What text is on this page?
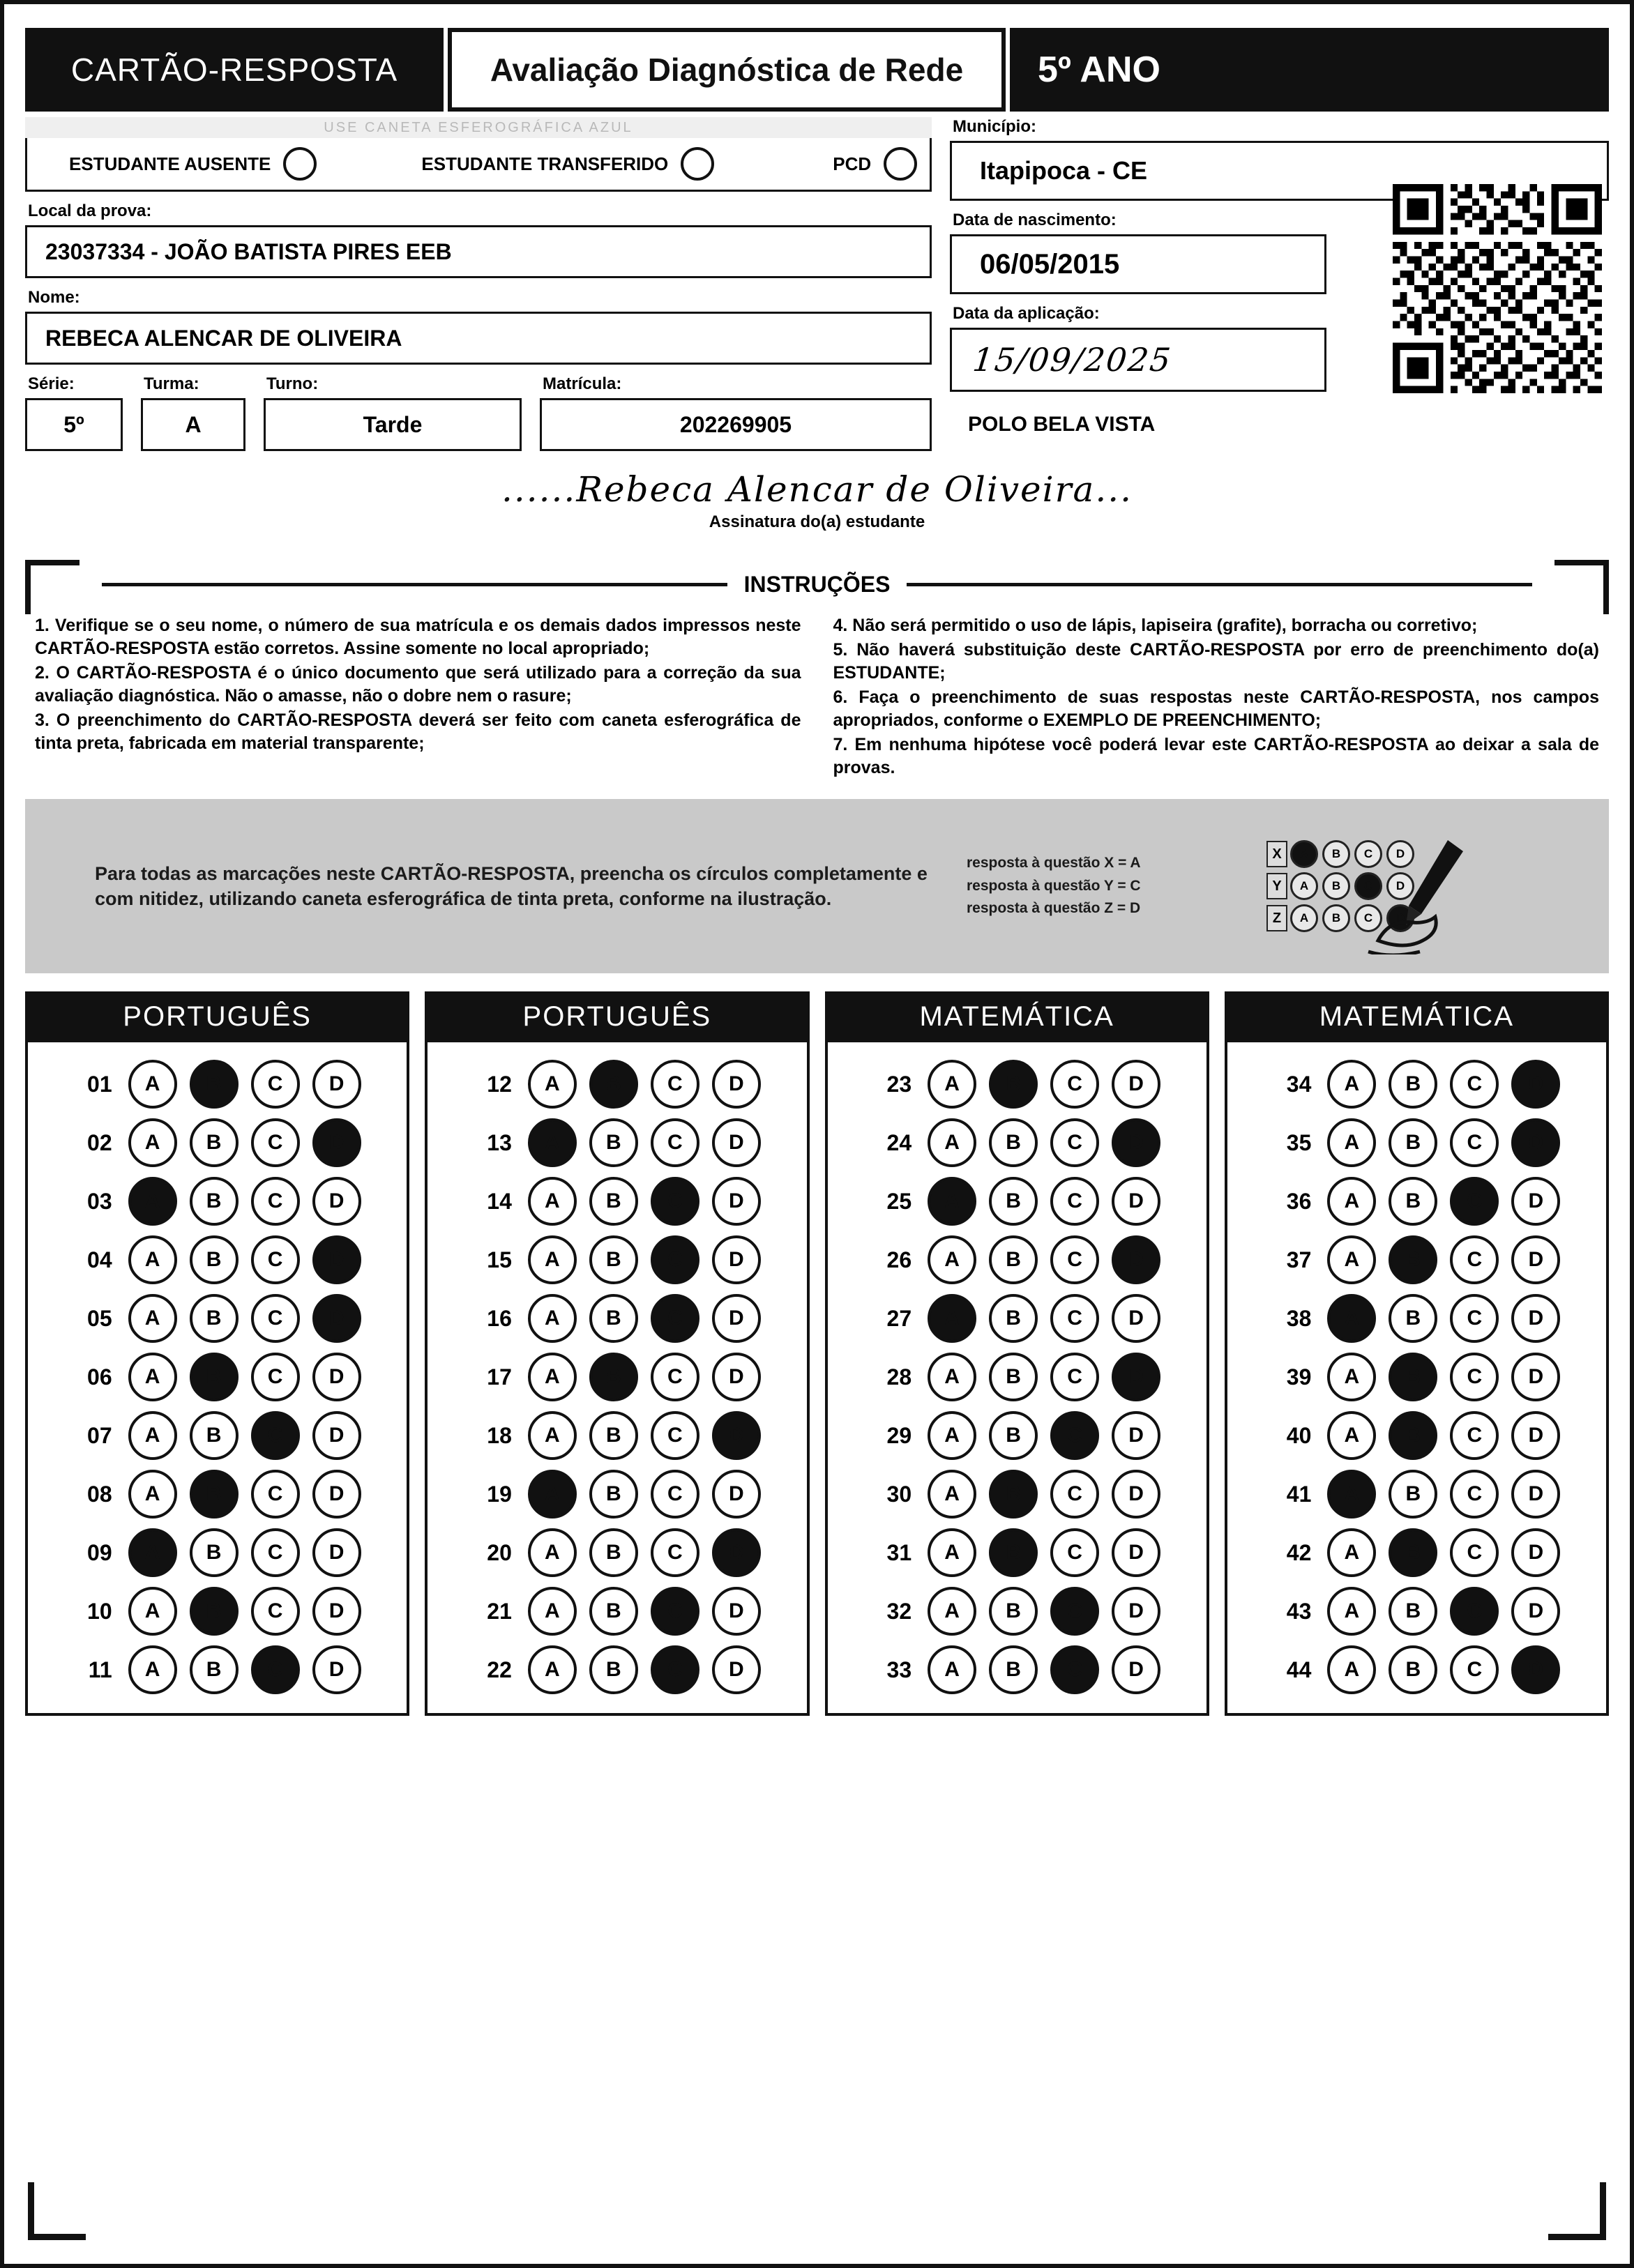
CARTÃO-RESPOSTA	Avaliação Diagnóstica de Rede 5º ANO
USE CANETA ESFEROGRÁFICA AZUL
ESTUDANTE AUSENTE	ESTUDANTE TRANSFERIDO	PCD
Local da prova:
23037334 - JOÃO BATISTA PIRES EEB
Nome:
REBECA ALENCAR DE OLIVEIRA
Série:
5º
Turma:
A
Turno:
Tarde
Matrícula:
202269905
Município:
Itapipoca - CE
Data de nascimento:
06/05/2015
Data da aplicação:
15/09/2025
POLO BELA VISTA
......Rebeca Alencar de Oliveira...
Assinatura do(a) estudante
INSTRUÇÕES

1. Verifique se o seu nome, o número de sua matrícula e os demais dados impressos neste CARTÃO-RESPOSTA estão corretos. Assine somente no local apropriado;

2. O CARTÃO-RESPOSTA é o único documento que será utilizado para a correção da sua avaliação diagnóstica. Não o amasse, não o dobre nem o rasure;

3. O preenchimento do CARTÃO-RESPOSTA deverá ser feito com caneta esferográfica de tinta preta, fabricada em material transparente;

4. Não será permitido o uso de lápis, lapiseira (grafite), borracha ou corretivo;

5. Não haverá substituição deste CARTÃO-RESPOSTA por erro de preenchimento do(a) ESTUDANTE;

6. Faça o preenchimento de suas respostas neste CARTÃO-RESPOSTA, nos campos apropriados, conforme o EXEMPLO DE PREENCHIMENTO;

7. Em nenhuma hipótese você poderá levar este CARTÃO-RESPOSTA ao deixar a sala de provas.

Para todas as marcações neste CARTÃO-RESPOSTA, preencha os círculos completamente e com nitidez, utilizando caneta esferográfica de tinta preta, conforme na ilustração.
resposta à questão X = A
resposta à questão Y = C
resposta à questão Z = D
X	A	B	C	D
Y	A	B	C	D
Z	A	B	C	D
PORTUGUÊS
01	A	B	C	D
02	A	B	C	D
03	A	B	C	D
04	A	B	C	D
05	A	B	C	D
06	A	B	C	D
07	A	B	C	D
08	A	B	C	D
09	A	B	C	D
10	A	B	C	D
11	A	B	C	D
PORTUGUÊS
12	A	B	C	D
13	A	B	C	D
14	A	B	C	D
15	A	B	C	D
16	A	B	C	D
17	A	B	C	D
18	A	B	C	D
19	A	B	C	D
20	A	B	C	D
21	A	B	C	D
22	A	B	C	D
MATEMÁTICA
23	A	B	C	D
24	A	B	C	D
25	A	B	C	D
26	A	B	C	D
27	A	B	C	D
28	A	B	C	D
29	A	B	C	D
30	A	B	C	D
31	A	B	C	D
32	A	B	C	D
33	A	B	C	D
MATEMÁTICA
34	A	B	C	D
35	A	B	C	D
36	A	B	C	D
37	A	B	C	D
38	A	B	C	D
39	A	B	C	D
40	A	B	C	D
41	A	B	C	D
42	A	B	C	D
43	A	B	C	D
44	A	B	C	D
